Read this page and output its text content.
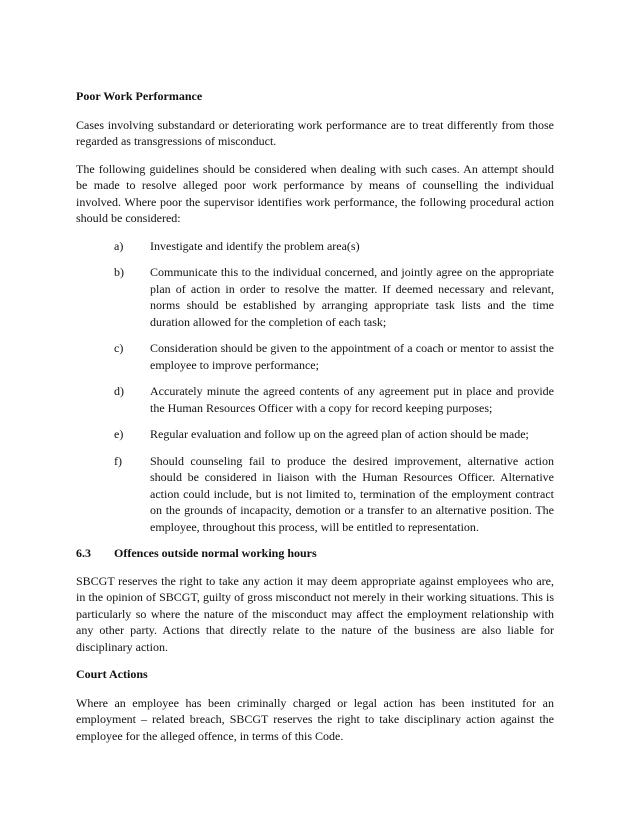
Poor Work Performance

Cases involving substandard or deteriorating work performance are to treat differently from those regarded as transgressions of misconduct.

The following guidelines should be considered when dealing with such cases. An attempt should be made to resolve alleged poor work performance by means of counselling the individual involved. Where poor the supervisor identifies work performance, the following procedural action should be considered:

a)	Investigate and identify the problem area(s)
b)	Communicate this to the individual concerned, and jointly agree on the appropriate plan of action in order to resolve the matter. If deemed necessary and relevant, norms should be established by arranging appropriate task lists and the time duration allowed for the completion of each task;
c)	Consideration should be given to the appointment of a coach or mentor to assist the employee to improve performance;
d)	Accurately minute the agreed contents of any agreement put in place and provide the Human Resources Officer with a copy for record keeping purposes;
e)	Regular evaluation and follow up on the agreed plan of action should be made;
f)	Should counseling fail to produce the desired improvement, alternative action should be considered in liaison with the Human Resources Officer. Alternative action could include, but is not limited to, termination of the employment contract on the grounds of incapacity, demotion or a transfer to an alternative position. The employee, throughout this process, will be entitled to representation.
6.3	Offences outside normal working hours

SBCGT reserves the right to take any action it may deem appropriate against employees who are, in the opinion of SBCGT, guilty of gross misconduct not merely in their working situations. This is particularly so where the nature of the misconduct may affect the employment relationship with any other party. Actions that directly relate to the nature of the business are also liable for disciplinary action.

Court Actions

Where an employee has been criminally charged or legal action has been instituted for an employment – related breach, SBCGT reserves the right to take disciplinary action against the employee for the alleged offence, in terms of this Code.
